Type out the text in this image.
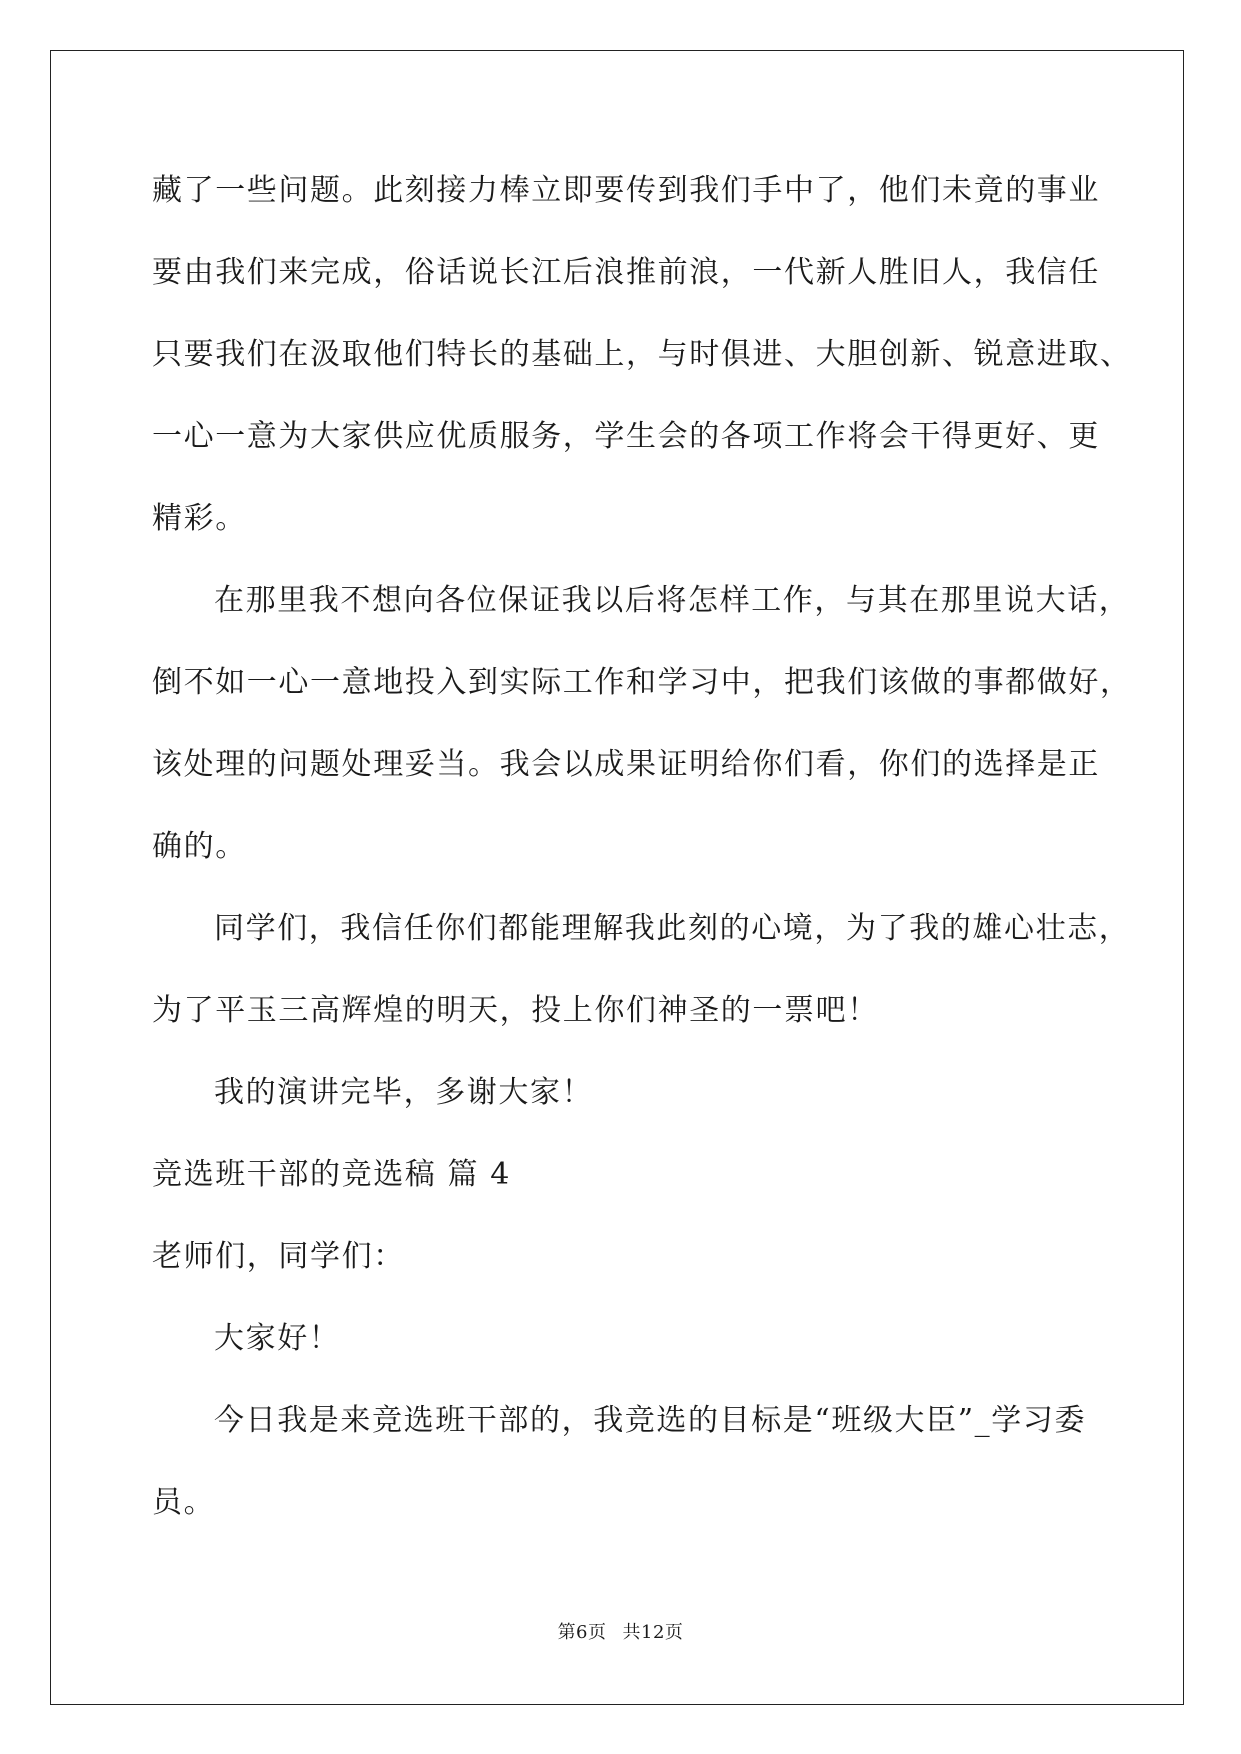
藏了一些问题。此刻接力棒立即要传到我们手中了，他们未竟的事业
要由我们来完成，俗话说长江后浪推前浪，一代新人胜旧人，我信任
只要我们在汲取他们特长的基础上，与时俱进、大胆创新、锐意进取、
一心一意为大家供应优质服务，学生会的各项工作将会干得更好、更
精彩。
在那里我不想向各位保证我以后将怎样工作，与其在那里说大话，
倒不如一心一意地投入到实际工作和学习中，把我们该做的事都做好，
该处理的问题处理妥当。我会以成果证明给你们看，你们的选择是正
确的。
同学们，我信任你们都能理解我此刻的心境，为了我的雄心壮志，
为了平玉三高辉煌的明天，投上你们神圣的一票吧！
我的演讲完毕，多谢大家！
竞选班干部的竞选稿 篇 4
老师们，同学们：
大家好！
今日我是来竞选班干部的，我竞选的目标是“班级大臣”_学习委
员。
第6页 共12页
